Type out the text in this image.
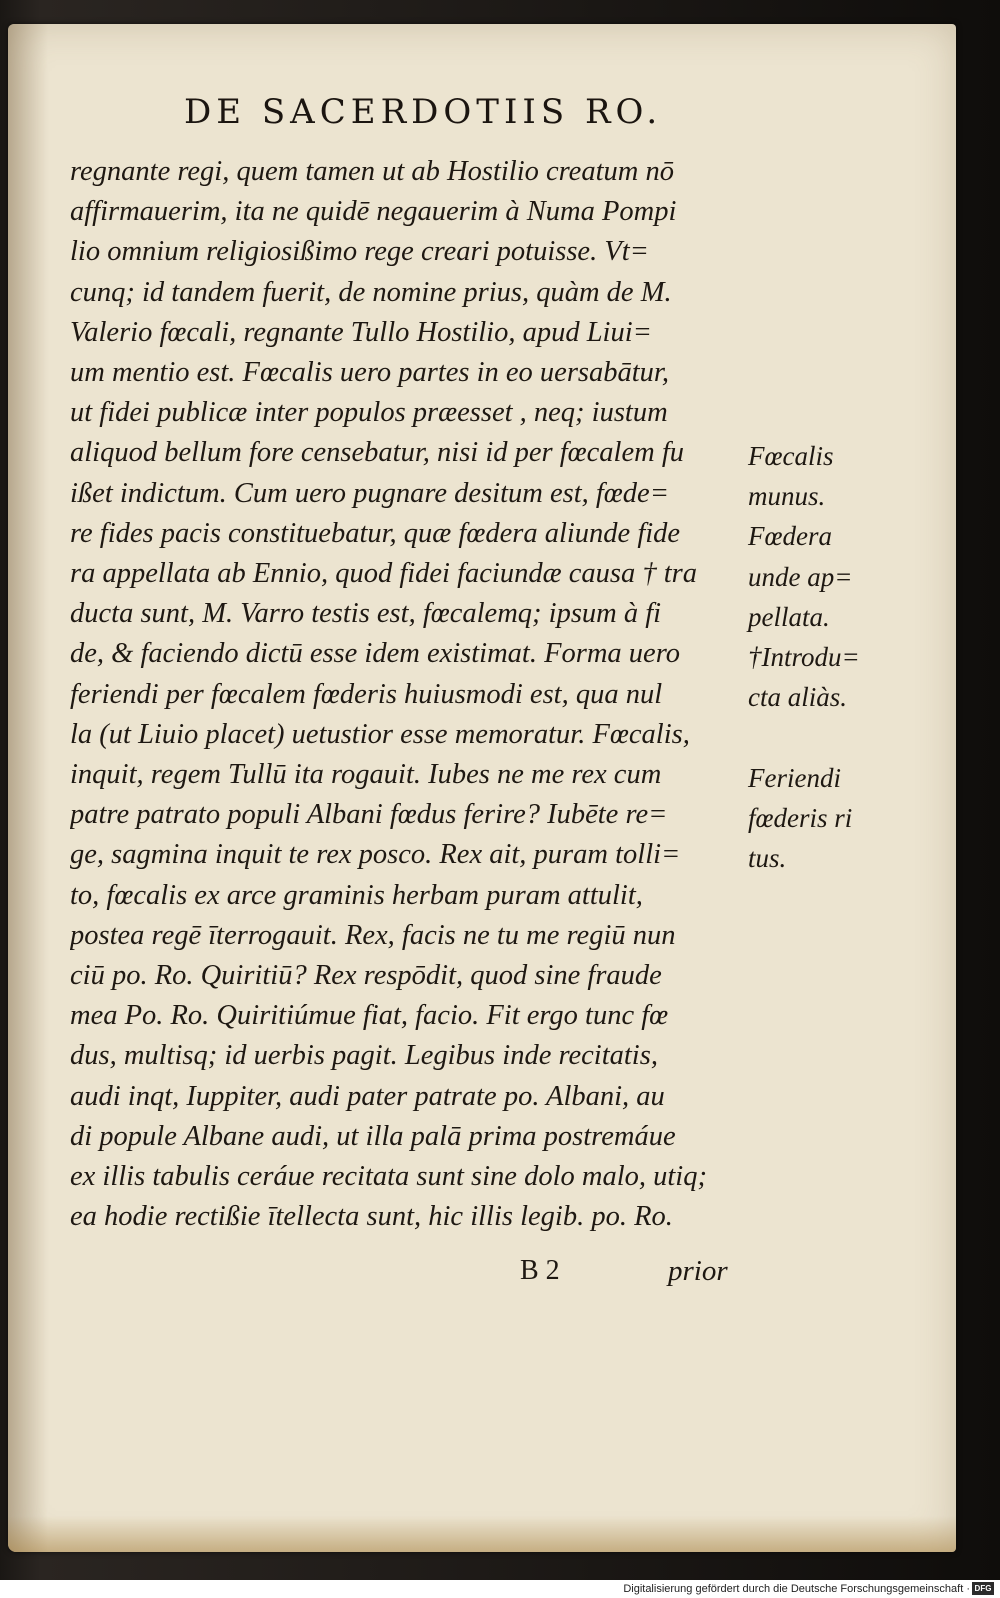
DE SACERDOTIIS RO.
regnante regi, quem tamen ut ab Hostilio creatum nō
affirmauerim, ita ne quidē negauerim à Numa Pompi
lio omnium religiosißimo rege creari potuisse. Vt=
cunq; id tandem fuerit, de nomine prius, quàm de M.
Valerio fœcali, regnante Tullo Hostilio, apud Liui=
um mentio est. Fœcalis uero partes in eo uersabātur,
ut fidei publicæ inter populos præesset , neq; iustum
aliquod bellum fore censebatur, nisi id per fœcalem fu
ißet indictum. Cum uero pugnare desitum est, fœde=
re fides pacis constituebatur, quæ fœdera aliunde fide
ra appellata ab Ennio, quod fidei faciundæ causa † tra
ducta sunt, M. Varro testis est, fœcalemq; ipsum à fi
de, & faciendo dictū esse idem existimat. Forma uero
feriendi per fœcalem fœderis huiusmodi est, qua nul
la (ut Liuio placet) uetustior esse memoratur. Fœcalis,
inquit, regem Tullū ita rogauit. Iubes ne me rex cum
patre patrato populi Albani fœdus ferire? Iubēte re=
ge, sagmina inquit te rex posco. Rex ait, puram tolli=
to, fœcalis ex arce graminis herbam puram attulit,
postea regē īterrogauit. Rex, facis ne tu me regiū nun
ciū po. Ro. Quiritiū? Rex respōdit, quod sine fraude
mea Po. Ro. Quiritiúmue fiat, facio. Fit ergo tunc fœ
dus, multisq; id uerbis pagit. Legibus inde recitatis,
audi inqt, Iuppiter, audi pater patrate po. Albani, au
di popule Albane audi, ut illa palā prima postremáue
ex illis tabulis ceráue recitata sunt sine dolo malo, utiq;
ea hodie rectißie ītellecta sunt, hic illis legib. po. Ro.
Fœcalis
munus.
Fœdera
unde ap=
pellata.
†Introdu=
cta aliàs.
Feriendi
fœderis ri
tus.
B 2	prior
Digitalisierung gefördert durch die Deutsche Forschungsgemeinschaft · DFG
